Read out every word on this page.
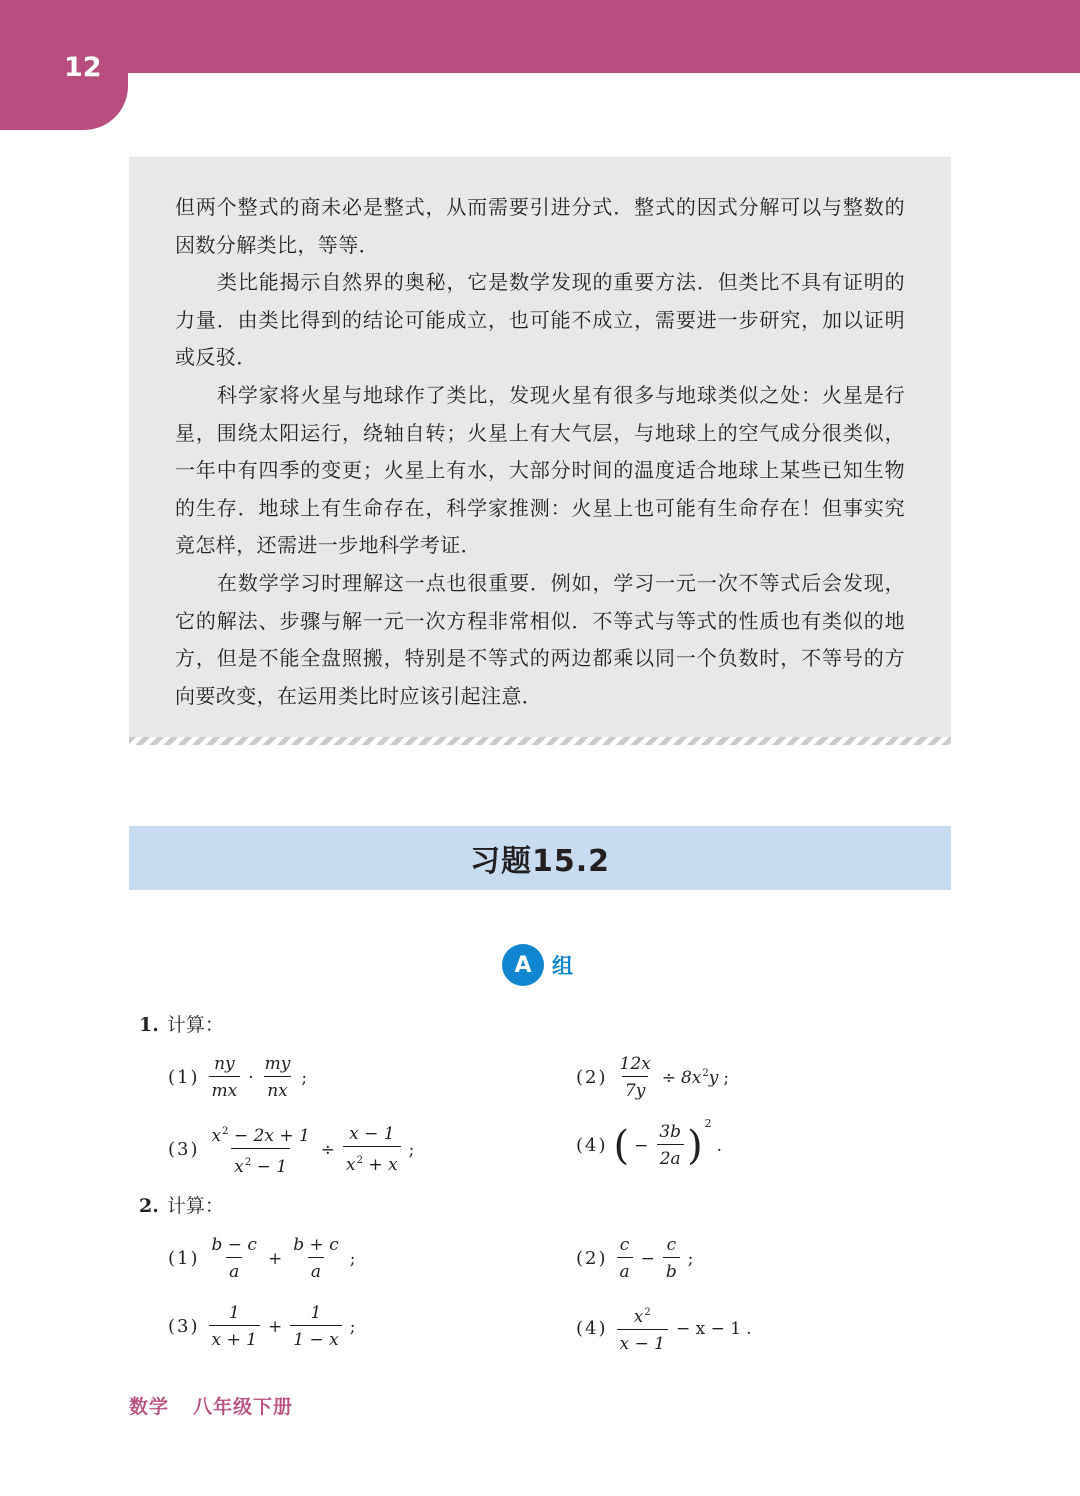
12

但两个整式的商未必是整式，从而需要引进分式．整式的因式分解可以与整数的因数分解类比，等等．

类比能揭示自然界的奥秘，它是数学发现的重要方法．但类比不具有证明的力量．由类比得到的结论可能成立，也可能不成立，需要进一步研究，加以证明或反驳．

科学家将火星与地球作了类比，发现火星有很多与地球类似之处：火星是行星，围绕太阳运行，绕轴自转；火星上有大气层，与地球上的空气成分很类似，一年中有四季的变更；火星上有水，大部分时间的温度适合地球上某些已知生物的生存．地球上有生命存在，科学家推测：火星上也可能有生命存在！但事实究竟怎样，还需进一步地科学考证．

在数学学习时理解这一点也很重要．例如，学习一元一次不等式后会发现，它的解法、步骤与解一元一次方程非常相似．不等式与等式的性质也有类似的地方，但是不能全盘照搬，特别是不等式的两边都乘以同一个负数时，不等号的方向要改变，在运用类比时应该引起注意．

习题15.2
A 组
1. 计算：
$(1) \frac{ny}{mx} \cdot \frac{my}{nx}$ ;	$(2) \frac{12x}{7y} \div 8x^2y$ ;
$(3) \frac{x^2 - 2x + 1}{x^2 - 1} \div \frac{x - 1}{x^2 + x}$ ;	(4) ( − $\frac{3b}{2a}$ ) 2
.
2. 计算：
$(1) \frac{b - c}{a} + \frac{b + c}{a}$ ;	$(2) \frac{c}{a} - \frac{c}{b}$ ;
$(3) \frac{1}{x + 1} + \frac{1}{1 - x}$ ;	$(4) \frac{x^2}{x - 1} - x - 1$ .
数学 八年级下册
